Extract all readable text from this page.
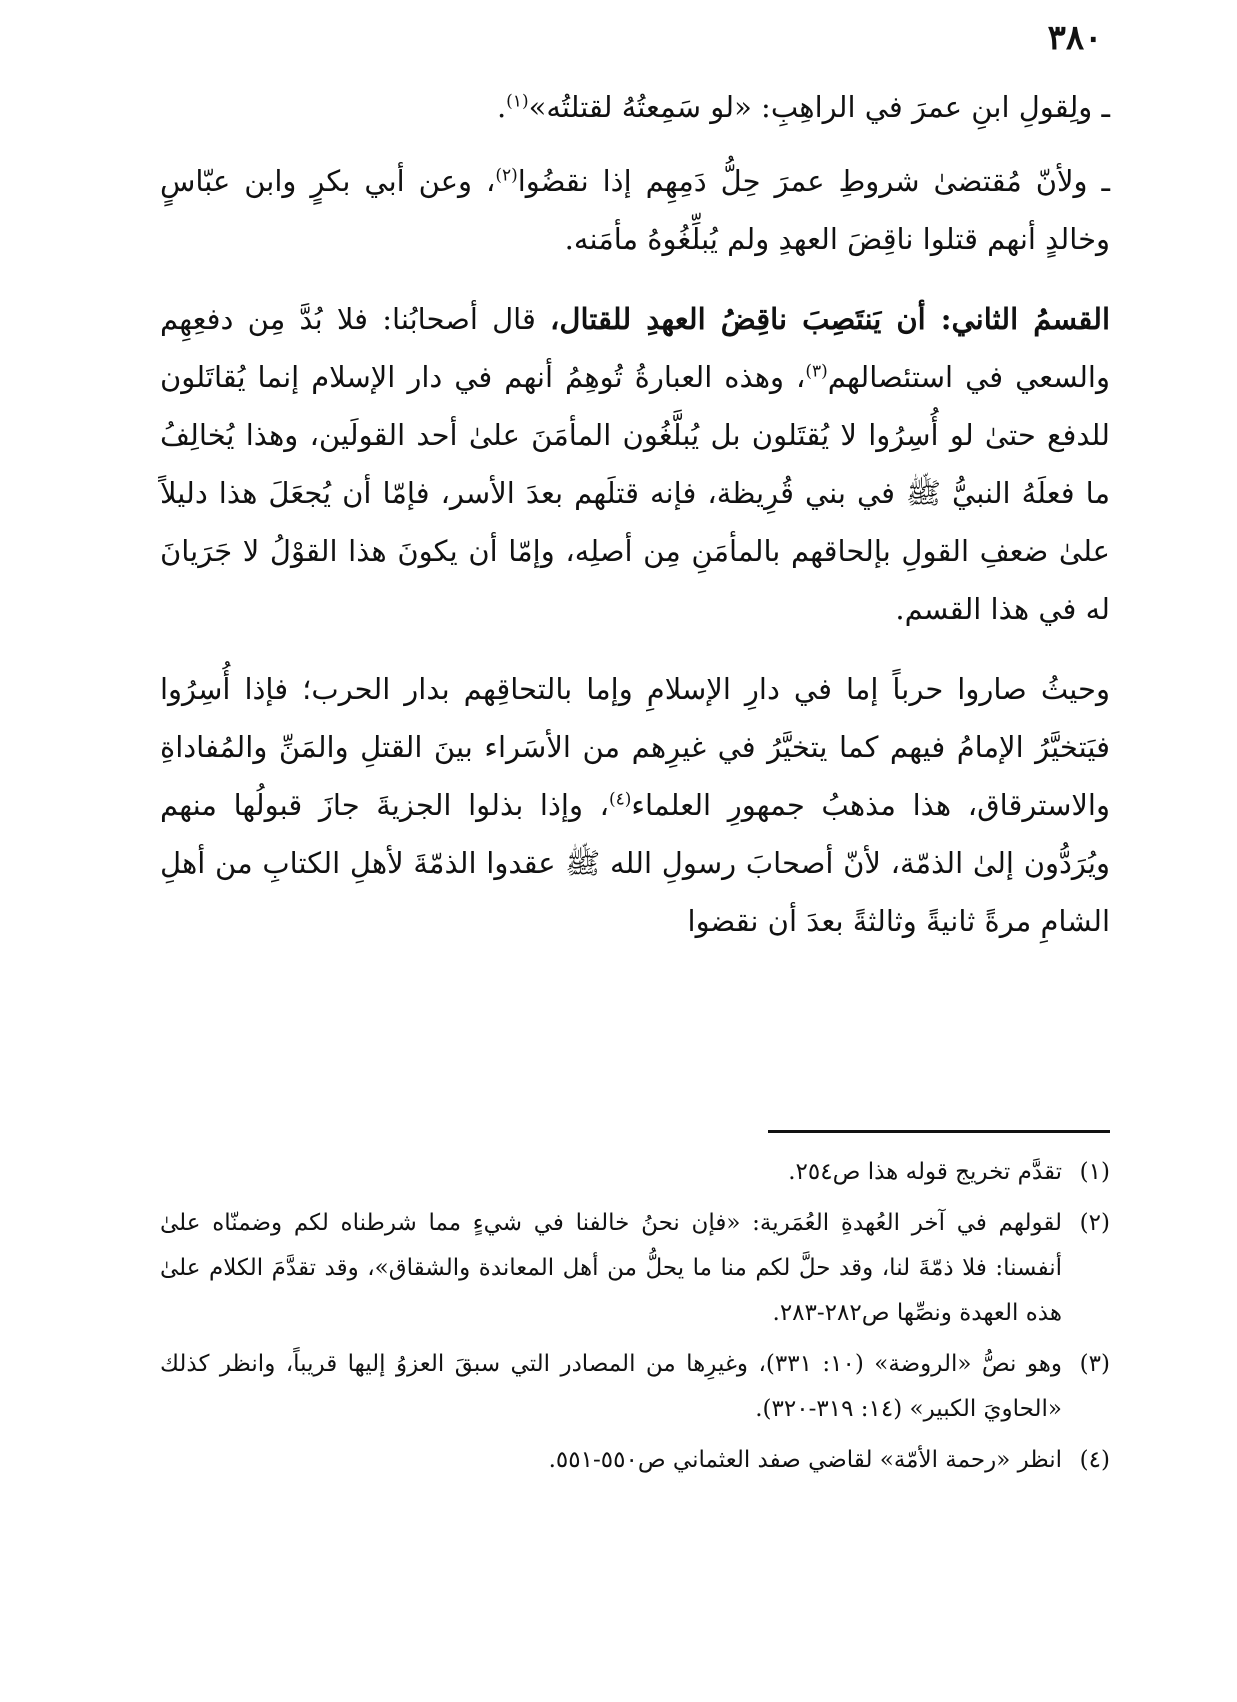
٣٨٠

ـ ولِقولِ ابنِ عمرَ في الراهِبِ: «لو سَمِعتُهُ لقتلتُه»$^{(١)}$.

ـ ولأنّ مُقتضىٰ شروطِ عمرَ حِلُّ دَمِهِم إذا نقضُوا$^{(٢)}$، وعن أبي بكرٍ وابن عبّاسٍ وخالدٍ أنهم قتلوا ناقِضَ العهدِ ولم يُبلِّغُوهُ مأمَنه.

القسمُ الثاني: أن يَنتَصِبَ ناقِضُ العهدِ للقتال، قال أصحابُنا: فلا بُدَّ مِن دفعِهِم والسعي في استئصالهم$^{(٣)}$، وهذه العبارةُ تُوهِمُ أنهم في دار الإسلام إنما يُقاتَلون للدفع حتىٰ لو أُسِرُوا لا يُقتَلون بل يُبلَّغُون المأمَنَ علىٰ أحد القولَين، وهذا يُخالِفُ ما فعلَهُ النبيُّ ﷺ في بني قُرِيظة، فإنه قتلَهم بعدَ الأسر، فإمّا أن يُجعَلَ هذا دليلاً علىٰ ضعفِ القولِ بإلحاقهم بالمأمَنِ مِن أصلِه، وإمّا أن يكونَ هذا القوْلُ لا جَرَيانَ له في هذا القسم.

وحيثُ صاروا حرباً إما في دارِ الإسلامِ وإما بالتحاقِهم بدار الحرب؛ فإذا أُسِرُوا فيَتخيَّرُ الإمامُ فيهم كما يتخيَّرُ في غيرِهم من الأسَراء بينَ القتلِ والمَنِّ والمُفاداةِ والاسترقاق، هذا مذهبُ جمهورِ العلماء$^{(٤)}$، وإذا بذلوا الجزيةَ جازَ قبولُها منهم ويُرَدُّون إلىٰ الذمّة، لأنّ أصحابَ رسولِ الله ﷺ عقدوا الذمّةَ لأهلِ الكتابِ من أهلِ الشامِ مرةً ثانيةً وثالثةً بعدَ أن نقضوا

(١)
تقدَّم تخريج قوله هذا ص٢٥٤.
(٢)
لقولهم في آخر العُهدةِ العُمَرية: «فإن نحنُ خالفنا في شيءٍ مما شرطناه لكم وضمنّاه علىٰ أنفسنا: فلا ذمّةَ لنا، وقد حلَّ لكم منا ما يحلُّ من أهل المعاندة والشقاق»، وقد تقدَّمَ الكلام علىٰ هذه العهدة ونصِّها ص٢٨٢-٢٨٣.
(٣)
وهو نصُّ «الروضة» (١٠: ٣٣١)، وغيرِها من المصادر التي سبقَ العزوُ إليها قريباً، وانظر كذلك «الحاويَ الكبير» (١٤: ٣١٩-٣٢٠).
(٤)
انظر «رحمة الأمّة» لقاضي صفد العثماني ص٥٥٠-٥٥١.
